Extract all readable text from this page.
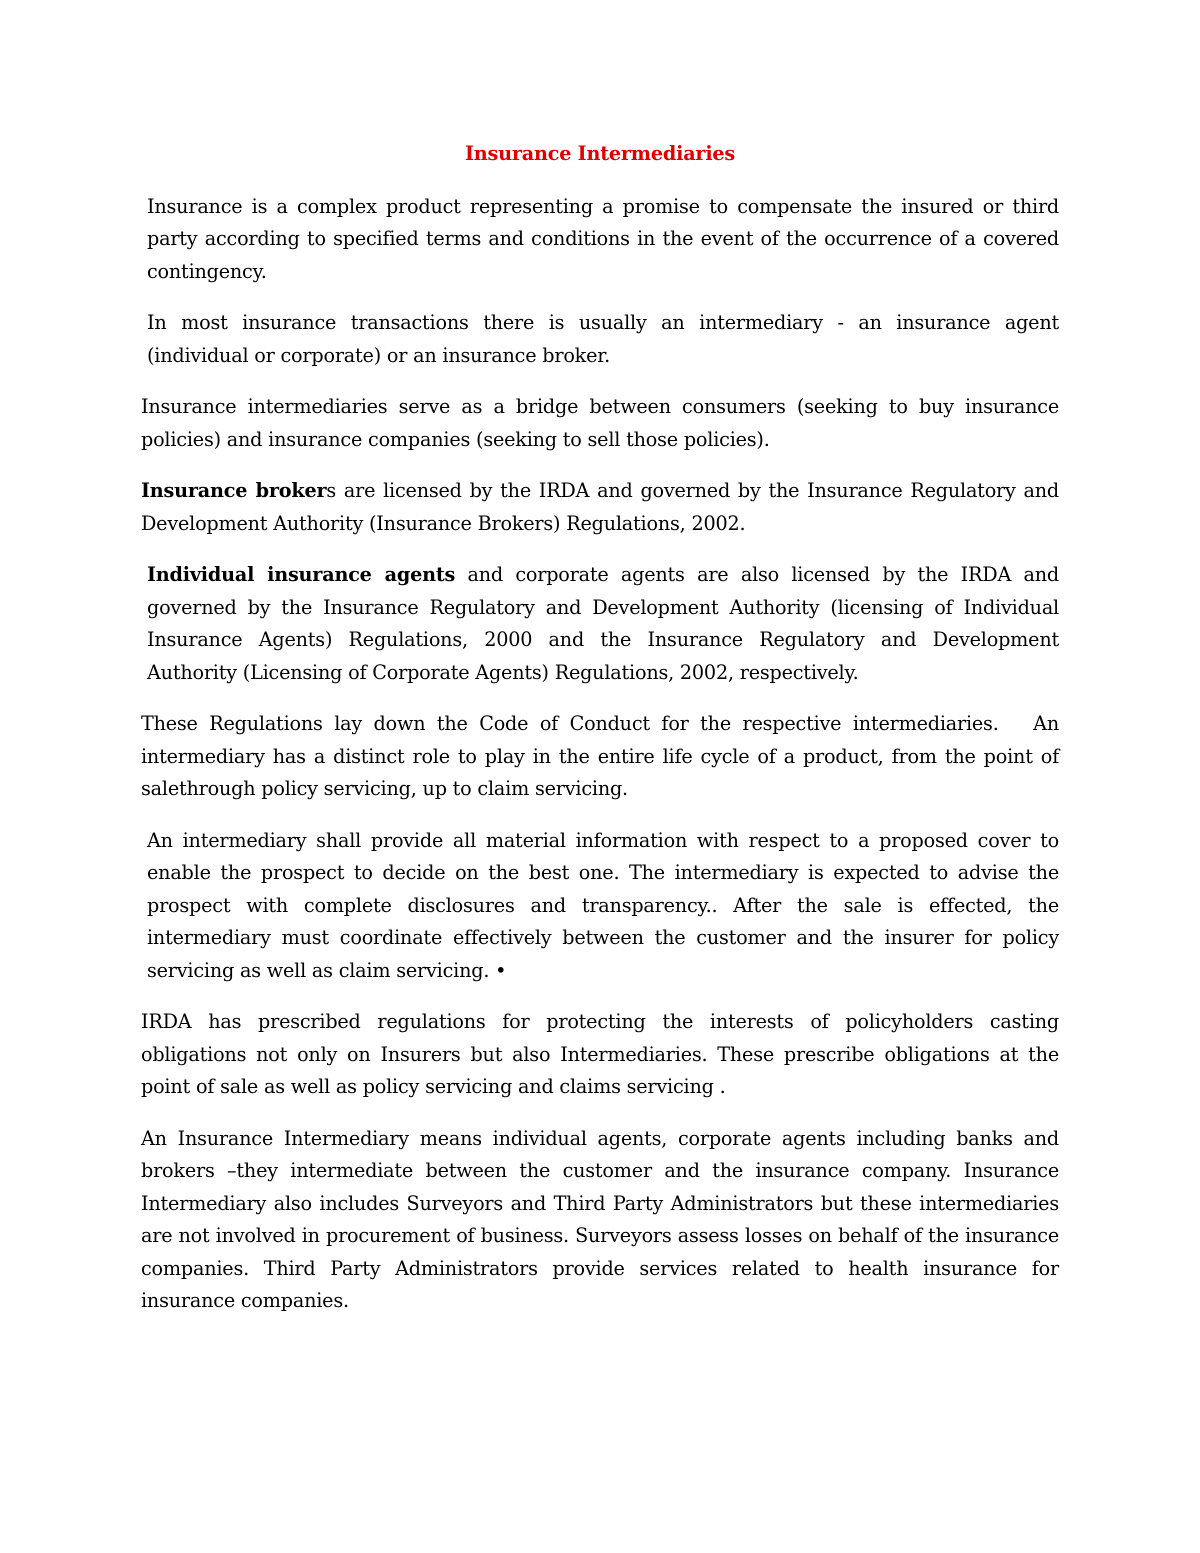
Insurance Intermediaries

Insurance is a complex product representing a promise to compensate the insured or third party according to specified terms and conditions in the event of the occurrence of a covered contingency.

In most insurance transactions there is usually an intermediary - an insurance agent (individual or corporate) or an insurance broker.

Insurance intermediaries serve as a bridge between consumers (seeking to buy insurance policies) and insurance companies (seeking to sell those policies).

Insurance brokers are licensed by the IRDA and governed by the Insurance Regulatory and Development Authority (Insurance Brokers) Regulations, 2002.

Individual insurance agents and corporate agents are also licensed by the IRDA and governed by the Insurance Regulatory and Development Authority (licensing of Individual Insurance Agents) Regulations, 2000 and the Insurance Regulatory and Development Authority (Licensing of Corporate Agents) Regulations, 2002, respectively.

These Regulations lay down the Code of Conduct for the respective intermediaries.   An intermediary has a distinct role to play in the entire life cycle of a product, from the point of salethrough policy servicing, up to claim servicing.

An intermediary shall provide all material information with respect to a proposed cover to enable the prospect to decide on the best one. The intermediary is expected to advise the prospect with complete disclosures and transparency.. After the sale is effected, the intermediary must coordinate effectively between the customer and the insurer for policy servicing as well as claim servicing. •

IRDA has prescribed regulations for protecting the interests of policyholders casting obligations not only on Insurers but also Intermediaries. These prescribe obligations at the point of sale as well as policy servicing and claims servicing .

An Insurance Intermediary means individual agents, corporate agents including banks and brokers –they intermediate between the customer and the insurance company. Insurance Intermediary also includes Surveyors and Third Party Administrators but these intermediaries are not involved in procurement of business. Surveyors assess losses on behalf of the insurance companies. Third Party Administrators provide services related to health insurance for insurance companies.
